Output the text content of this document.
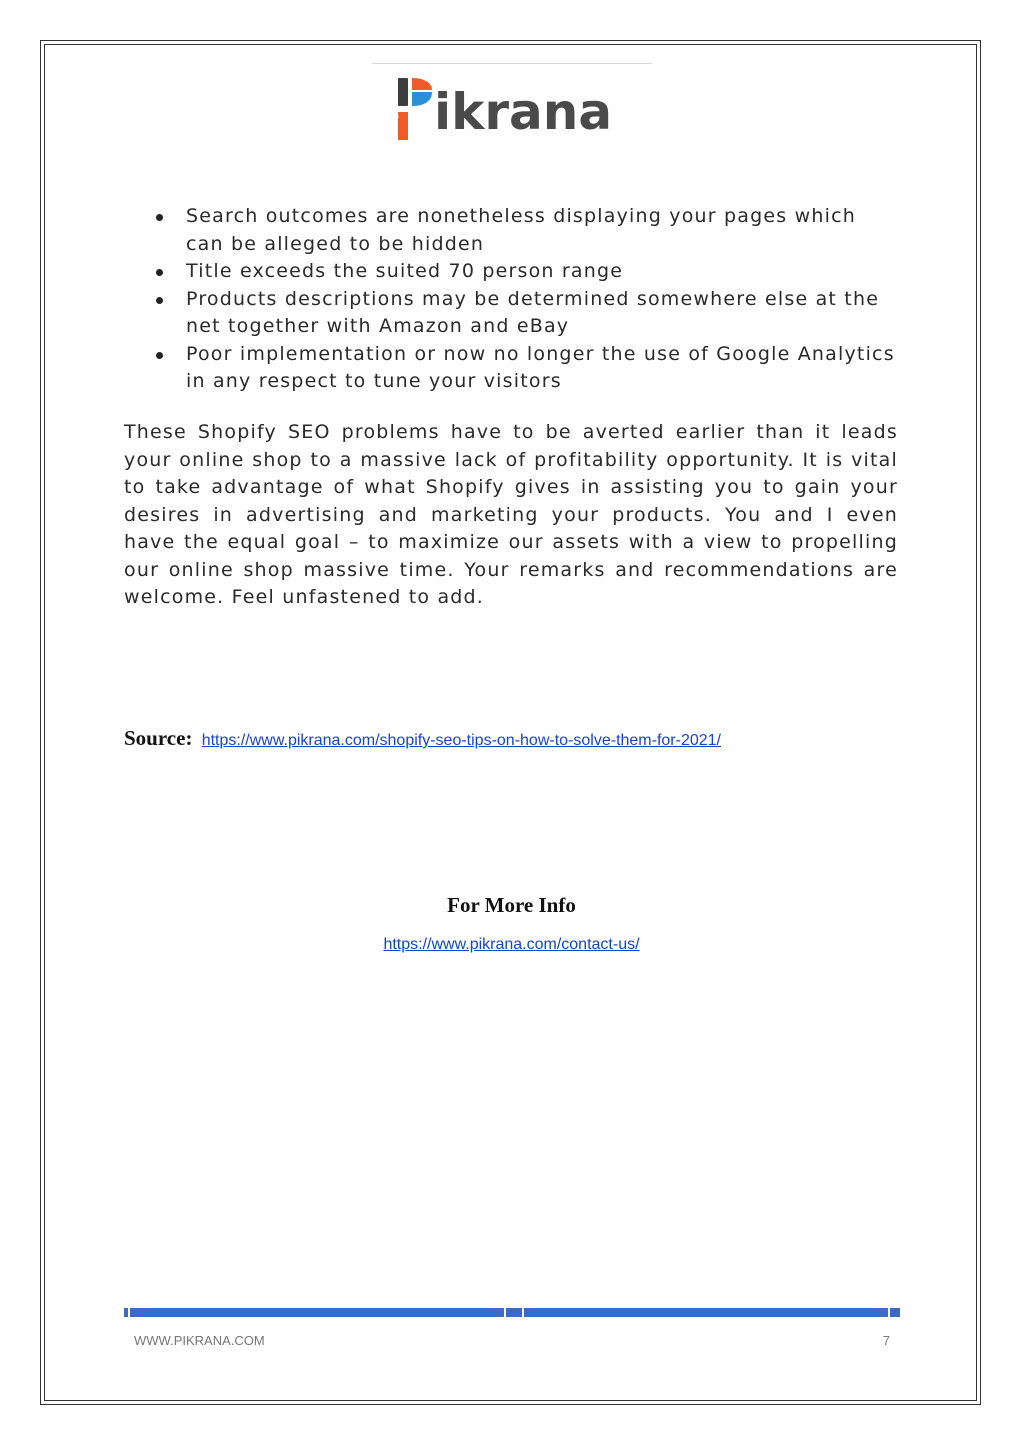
ikrana
Search outcomes are nonetheless displaying your pages which can be alleged to be hidden
Title exceeds the suited 70 person range
Products descriptions may be determined somewhere else at the net together with Amazon and eBay
Poor implementation or now no longer the use of Google Analytics in any respect to tune your visitors

These Shopify SEO problems have to be averted earlier than it leads your online shop to a massive lack of profitability opportunity. It is vital to take advantage of what Shopify gives in assisting you to gain your desires in advertising and marketing your products. You and I even have the equal goal – to maximize our assets with a view to propelling our online shop massive time. Your remarks and recommendations are welcome. Feel unfastened to add.

Source: https://www.pikrana.com/shopify-seo-tips-on-how-to-solve-them-for-2021/
For More Info
https://www.pikrana.com/contact-us/
WWW.PIKRANA.COM	7
